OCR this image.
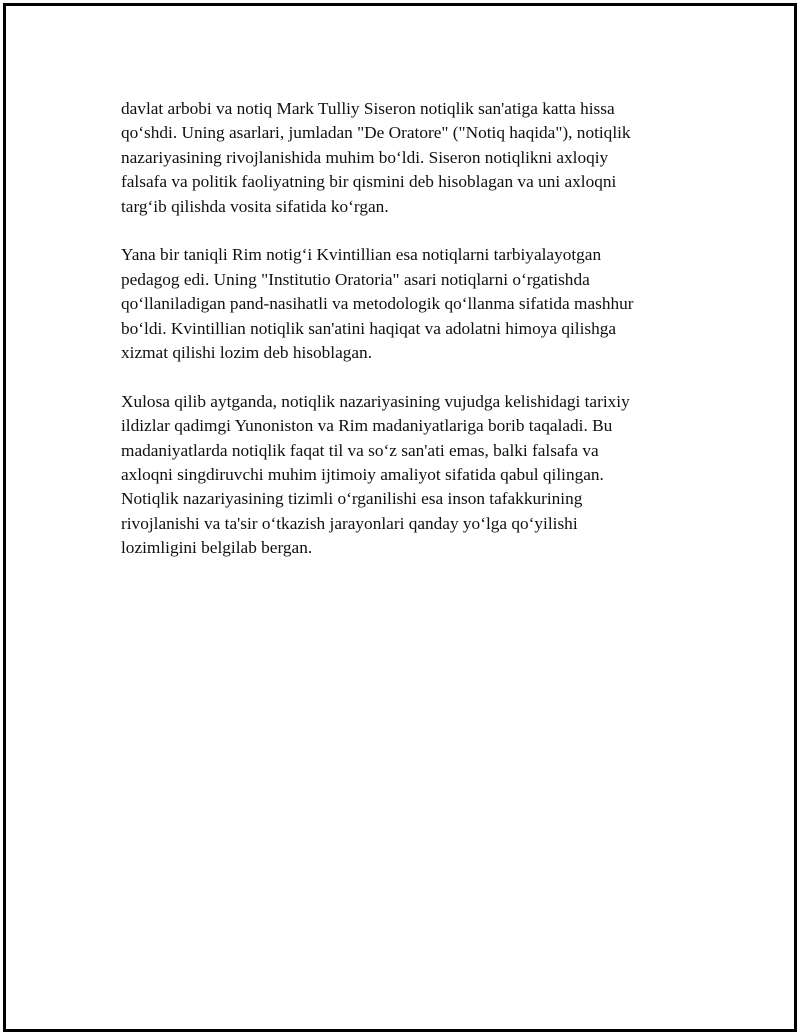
davlat arbobi va notiq Mark Tulliy Siseron notiqlik san'atiga katta hissa
qo‘shdi. Uning asarlari, jumladan "De Oratore" ("Notiq haqida"), notiqlik
nazariyasining rivojlanishida muhim bo‘ldi. Siseron notiqlikni axloqiy
falsafa va politik faoliyatning bir qismini deb hisoblagan va uni axloqni
targ‘ib qilishda vosita sifatida ko‘rgan.

Yana bir taniqli Rim notig‘i Kvintillian esa notiqlarni tarbiyalayotgan
pedagog edi. Uning "Institutio Oratoria" asari notiqlarni o‘rgatishda
qo‘llaniladigan pand-nasihatli va metodologik qo‘llanma sifatida mashhur
bo‘ldi. Kvintillian notiqlik san'atini haqiqat va adolatni himoya qilishga
xizmat qilishi lozim deb hisoblagan.

Xulosa qilib aytganda, notiqlik nazariyasining vujudga kelishidagi tarixiy
ildizlar qadimgi Yunoniston va Rim madaniyatlariga borib taqaladi. Bu
madaniyatlarda notiqlik faqat til va so‘z san'ati emas, balki falsafa va
axloqni singdiruvchi muhim ijtimoiy amaliyot sifatida qabul qilingan.
Notiqlik nazariyasining tizimli o‘rganilishi esa inson tafakkurining
rivojlanishi va ta'sir o‘tkazish jarayonlari qanday yo‘lga qo‘yilishi
lozimligini belgilab bergan.
